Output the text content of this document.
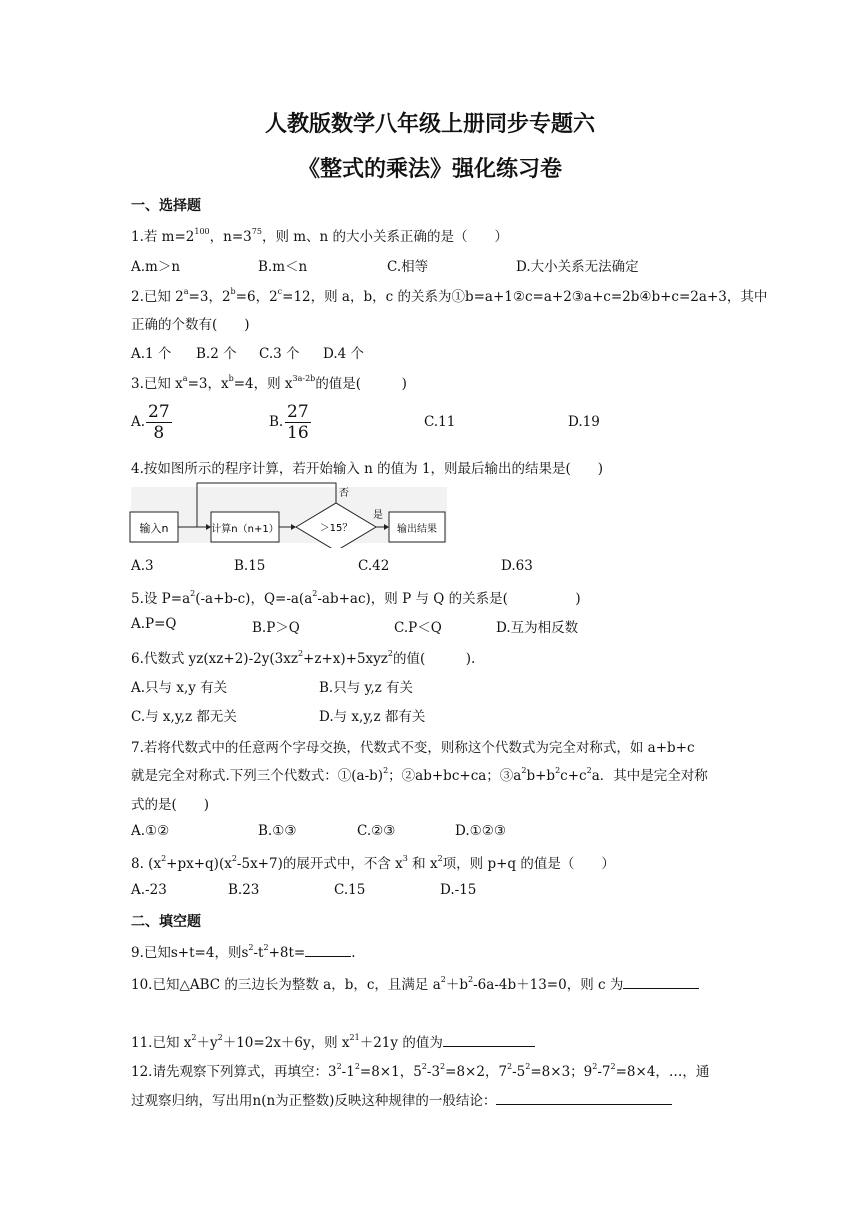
人教版数学八年级上册同步专题六
《整式的乘法》强化练习卷
一、选择题
1.若 $m=2^{100}$，$n=3^{75}$，则 m、n 的大小关系正确的是（　　）
A.m＞n	B.m＜n	C.相等	D.大小关系无法确定
2.已知 $2^a=3$，$2^b=6$，$2^c=12$，则 a，b，c 的关系为①b=a+1②c=a+2③a+c=2b④b+c=2a+3，其中
正确的个数有(　　)
A.1 个 B.2 个 C.3 个 D.4 个
3.已知 $x^a=3$，$x^b=4$，则 $x^{3a-2b}$的值是(　　　)
A.	B.	C.11	D.19
$\frac{27}{8}$	$\frac{27}{16}$
4.按如图所示的程序计算，若开始输入 n 的值为 1，则最后输出的结果是(　　)
输入n	计算n（n+1）	＞15？
是
输出结果
否
A.3	B.15	C.42	D.63
5.设 $P=a^2(-a+b-c)$，$Q=-a(a^2-ab+ac)$，则 P 与 Q 的关系是(　　　　　)
A.P=Q	B.P＞Q	C.P＜Q	D.互为相反数
6.代数式 $yz(xz+2)-2y(3xz^2+z+x)+5xyz^2$的值(　　　).
A.只与 x,y 有关	B.只与 y,z 有关
C.与 x,y,z 都无关	D.与 x,y,z 都有关
7.若将代数式中的任意两个字母交换，代数式不变，则称这个代数式为完全对称式，如 a+b+c
就是完全对称式.下列三个代数式：$①(a-b)^2$；②ab+bc+ca；$③a^2b+b^2c+c^2a$．其中是完全对称
式的是(　　)
A.①②	B.①③	C.②③	D.①②③
8. $(x^2+px+q)(x^2-5x+7)$的展开式中，不含 $x^3$ 和 $x^2$项，则 p+q 的值是（　　）
A.-23	B.23	C.15	D.-15
二、填空题
9.已知s+t=4，则$s^2-t^2+8t=$	.
10.已知△ABC 的三边长为整数 a，b，c，且满足 $a^2+b^2-6a-4b+13=0$，则 c 为
11.已知 $x^2+y^2+10=2x+6y$，则 $x^{21}+21y$ 的值为
12.请先观察下列算式，再填空：$3^2-1^2=8\times 1$，$5^2-3^2=8\times 2$，$7^2-5^2=8\times 3$；$9^2-7^2=8\times 4$，…，通
过观察归纳，写出用n(n为正整数)反映这种规律的一般结论：
